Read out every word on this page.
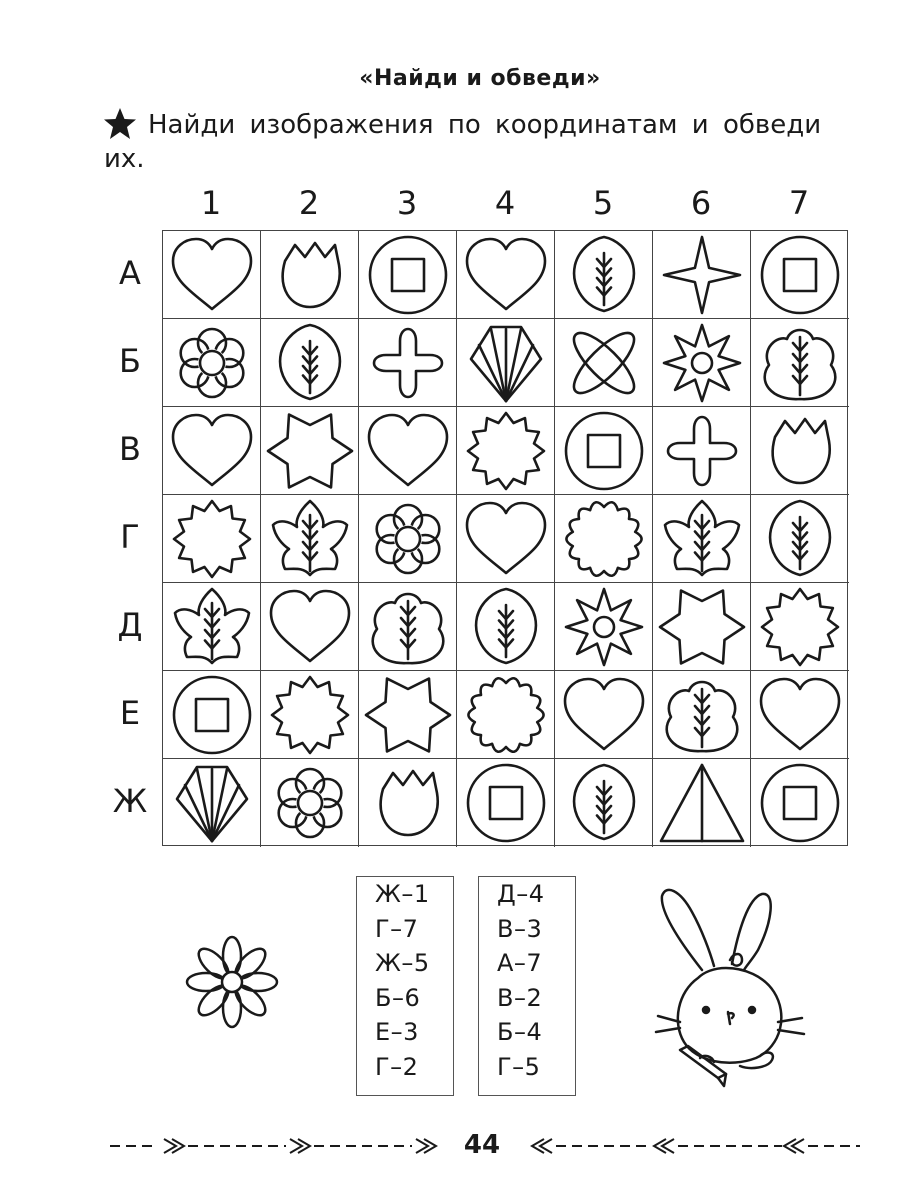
«Найди и обведи»
Найди изображения по координатам и обведи их.
1	2	3	4	5	6	7
А
Б
В
Г
Д
Е
Ж
Ж–1
Г–7
Ж–5
Б–6
Е–3
Г–2
Д–4
В–3
А–7
В–2
Б–4
Г–5
44
